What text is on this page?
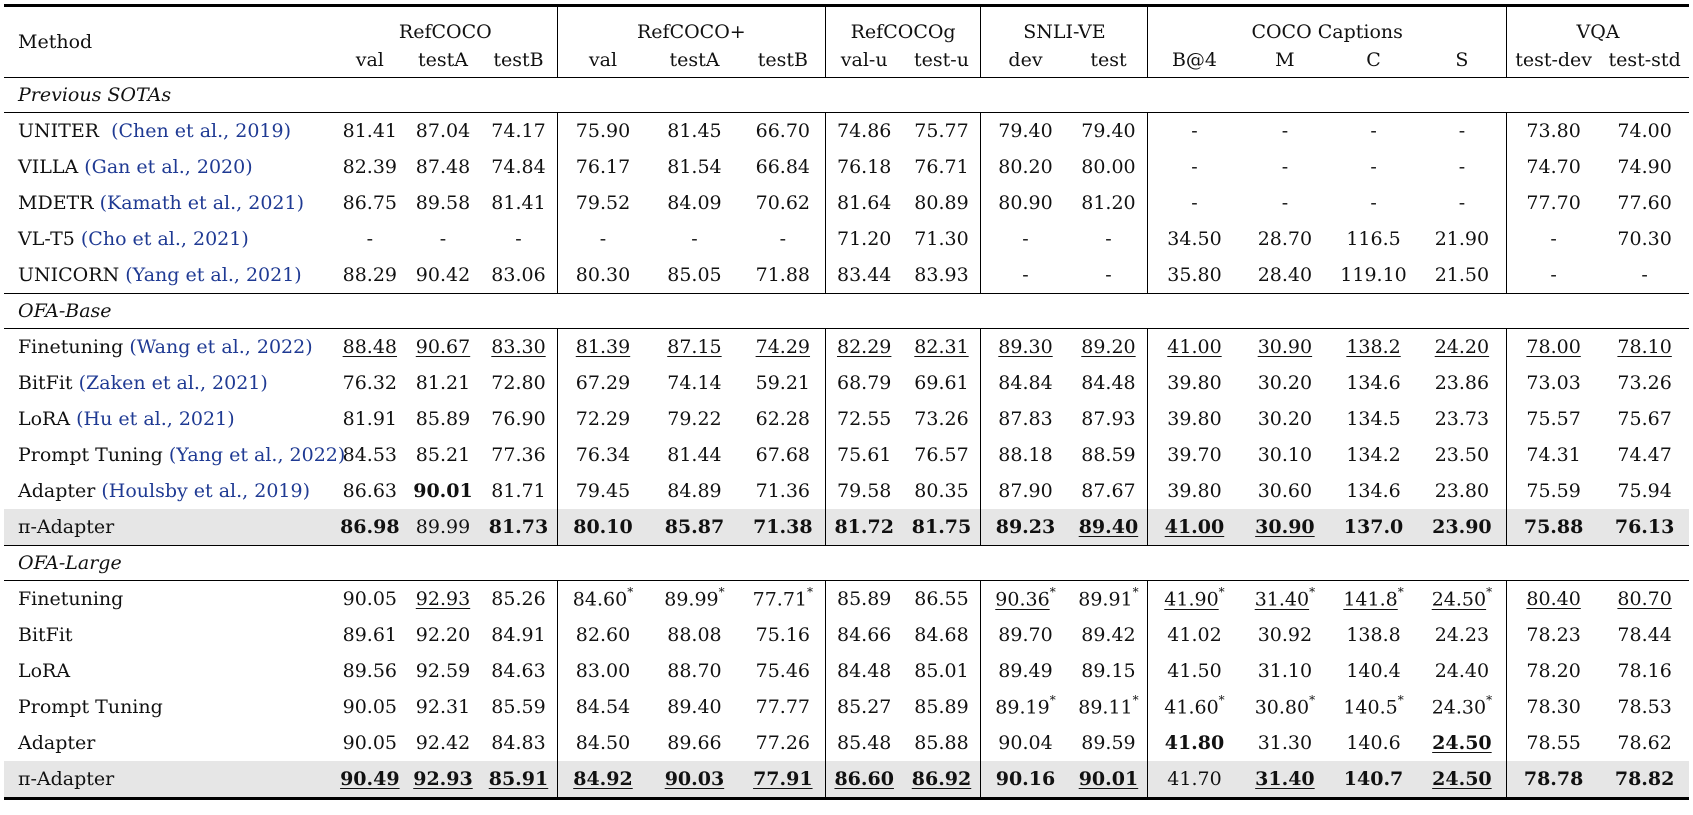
Method	RefCOCO			RefCOCO+			RefCOCOg		SNLI-VE		COCO Captions				VQA	
	val	testA	testB	val	testA	testB	val-u	test-u	dev	test	B@4	M	C	S	test-dev	test-std
Previous SOTAs																
UNITER (Chen et al., 2019)	81.41	87.04	74.17	75.90	81.45	66.70	74.86	75.77	79.40	79.40	-	-	-	-	73.80	74.00
VILLA (Gan et al., 2020)	82.39	87.48	74.84	76.17	81.54	66.84	76.18	76.71	80.20	80.00	-	-	-	-	74.70	74.90
MDETR (Kamath et al., 2021)	86.75	89.58	81.41	79.52	84.09	70.62	81.64	80.89	80.90	81.20	-	-	-	-	77.70	77.60
VL-T5 (Cho et al., 2021)	-	-	-	-	-	-	71.20	71.30	-	-	34.50	28.70	116.5	21.90	-	70.30
UNICORN (Yang et al., 2021)	88.29	90.42	83.06	80.30	85.05	71.88	83.44	83.93	-	-	35.80	28.40	119.10	21.50	-	-
OFA-Base																
Finetuning (Wang et al., 2022)	88.48	90.67	83.30	81.39	87.15	74.29	82.29	82.31	89.30	89.20	41.00	30.90	138.2	24.20	78.00	78.10
BitFit (Zaken et al., 2021)	76.32	81.21	72.80	67.29	74.14	59.21	68.79	69.61	84.84	84.48	39.80	30.20	134.6	23.86	73.03	73.26
LoRA (Hu et al., 2021)	81.91	85.89	76.90	72.29	79.22	62.28	72.55	73.26	87.83	87.93	39.80	30.20	134.5	23.73	75.57	75.67
Prompt Tuning (Yang et al., 2022)	84.53	85.21	77.36	76.34	81.44	67.68	75.61	76.57	88.18	88.59	39.70	30.10	134.2	23.50	74.31	74.47
Adapter (Houlsby et al., 2019)	86.63	90.01	81.71	79.45	84.89	71.36	79.58	80.35	87.90	87.67	39.80	30.60	134.6	23.80	75.59	75.94
π-Adapter	86.98	89.99	81.73	80.10	85.87	71.38	81.72	81.75	89.23	89.40	41.00	30.90	137.0	23.90	75.88	76.13
OFA-Large																
Finetuning	90.05	92.93	85.26	84.60*	89.99*	77.71*	85.89	86.55	90.36*	89.91*	41.90*	31.40*	141.8*	24.50*	80.40	80.70
BitFit	89.61	92.20	84.91	82.60	88.08	75.16	84.66	84.68	89.70	89.42	41.02	30.92	138.8	24.23	78.23	78.44
LoRA	89.56	92.59	84.63	83.00	88.70	75.46	84.48	85.01	89.49	89.15	41.50	31.10	140.4	24.40	78.20	78.16
Prompt Tuning	90.05	92.31	85.59	84.54	89.40	77.77	85.27	85.89	89.19*	89.11*	41.60*	30.80*	140.5*	24.30*	78.30	78.53
Adapter	90.05	92.42	84.83	84.50	89.66	77.26	85.48	85.88	90.04	89.59	41.80	31.30	140.6	24.50	78.55	78.62
π-Adapter	90.49	92.93	85.91	84.92	90.03	77.91	86.60	86.92	90.16	90.01	41.70	31.40	140.7	24.50	78.78	78.82
